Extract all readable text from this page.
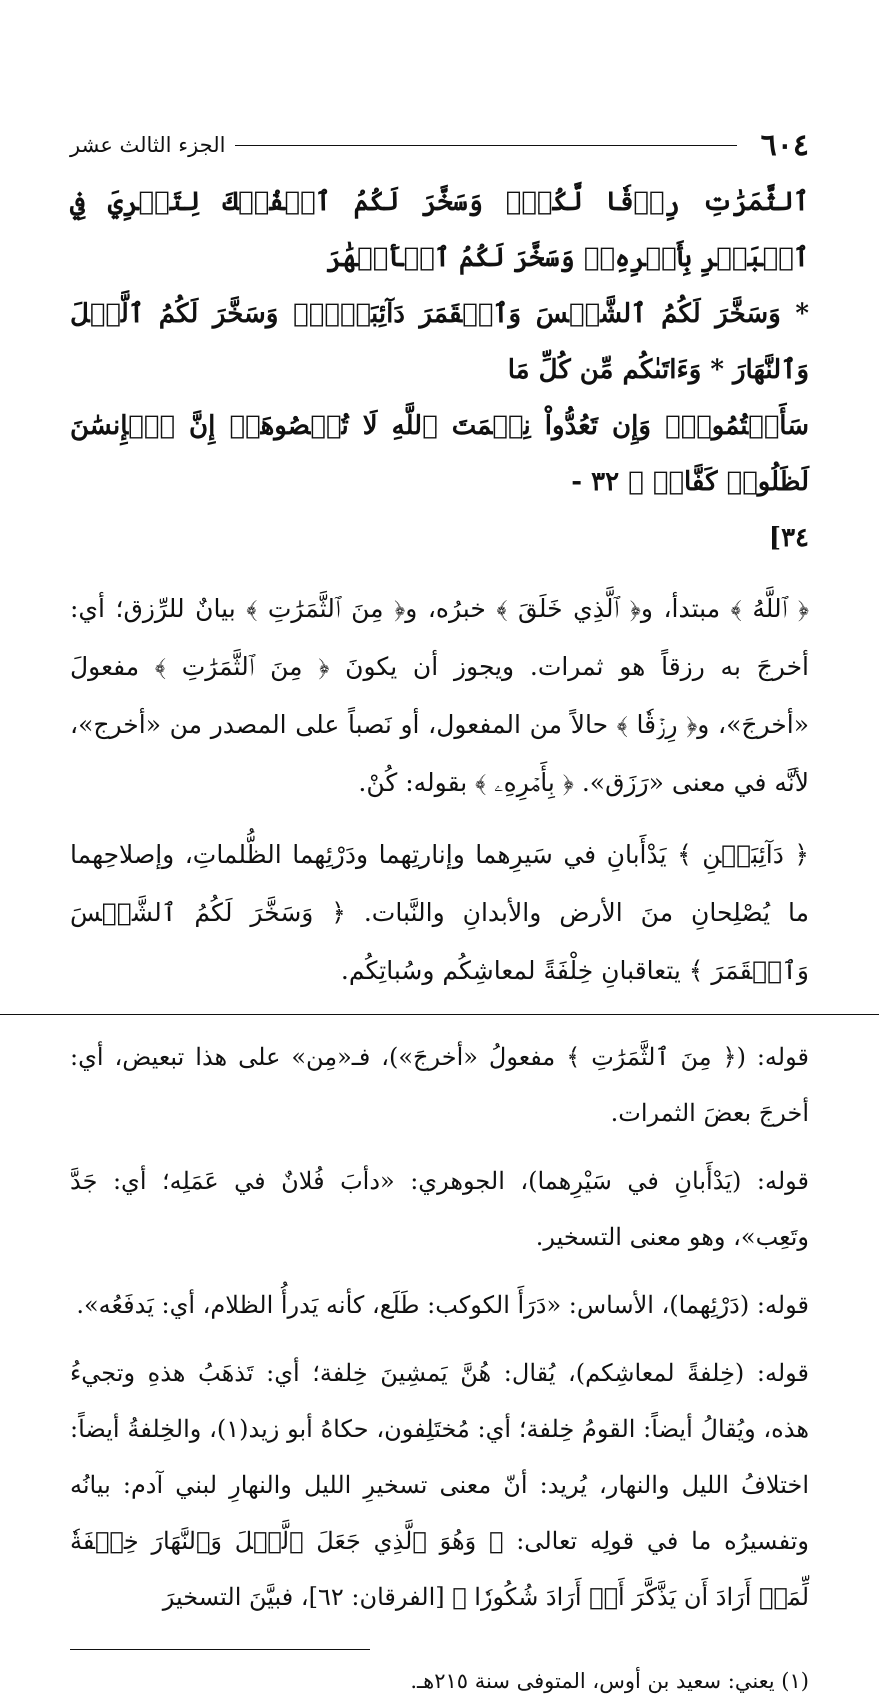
٦٠٤
الجزء الثالث عشر

ٱلثَّمَرَٰتِ رِزۡقٗا لَّكُمۡۖ وَسَخَّرَ لَكُمُ ٱلۡفُلۡكَ لِتَجۡرِيَ فِي ٱلۡبَحۡرِ بِأَمۡرِهِۦۖ وَسَخَّرَ لَكُمُ ٱلۡأَنۡهَٰرَ

* وَسَخَّرَ لَكُمُ ٱلشَّمۡسَ وَٱلۡقَمَرَ دَآئِبَيۡنِۖ وَسَخَّرَ لَكُمُ ٱلَّيۡلَ وَٱلنَّهَارَ * وَءَاتَىٰكُم مِّن كُلِّ مَا

سَأَلۡتُمُوهُۚ وَإِن تَعُدُّواْ نِعۡمَتَ ٱللَّهِ لَا تُحۡصُوهَآۗ إِنَّ ٱلۡإِنسَٰنَ لَظَلُومٞ كَفَّارٞ ﴾ ٣٢ -

٣٤]

﴿ ٱللَّهُ ﴾ مبتدأ، و﴿ ٱلَّذِي خَلَقَ ﴾ خبرُه، و﴿ مِنَ ٱلثَّمَرَٰتِ ﴾ بيانٌ للرِّزق؛ أي: أخرجَ به رزقاً هو ثمرات. ويجوز أن يكونَ ﴿ مِنَ ٱلثَّمَرَٰتِ ﴾ مفعولَ «أخرجَ»، و﴿ رِزۡقٗا ﴾ حالاً من المفعول، أو نَصباً على المصدر من «أخرج»، لأنَّه في معنى «رَزَق». ﴿ بِأَمۡرِهِۦ ﴾ بقوله: كُنْ.

﴿ دَآئِبَيۡنِ ﴾ يَدْأَبانِ في سَيرِهما وإنارتِهما ودَرْئِهما الظُّلماتِ، وإصلاحِهما ما يُصْلِحانِ منَ الأرض والأبدانِ والنَّبات. ﴿ وَسَخَّرَ لَكُمُ ٱلشَّمۡسَ وَٱلۡقَمَرَ ﴾ يتعاقبانِ خِلْفَةً لمعاشِكُم وسُباتِكُم.

قوله: (﴿ مِنَ ٱلثَّمَرَٰتِ ﴾ مفعولُ «أخرجَ»)، فـ«مِن» على هذا تبعيض، أي: أخرجَ بعضَ الثمرات.

قوله: (يَدْأَبانِ في سَيْرِهما)، الجوهري: «دأبَ فُلانٌ في عَمَلِه؛ أي: جَدَّ وتَعِب»، وهو معنى التسخير.

قوله: (دَرْئِهما)، الأساس: «دَرَأَ الكوكب: طَلَع، كأنه يَدرأُ الظلام، أي: يَدفَعُه».

قوله: (خِلفةً لمعاشِكم)، يُقال: هُنَّ يَمشِينَ خِلفة؛ أي: تَذهَبُ هذهِ وتجيءُ هذه، ويُقالُ أيضاً: القومُ خِلفة؛ أي: مُختَلِفون، حكاهُ أبو زيد(١)، والخِلفةُ أيضاً: اختلافُ الليل والنهار، يُريد: أنّ معنى تسخيرِ الليل والنهارِ لبني آدم: بيانُه وتفسيرُه ما في قولِه تعالى: ﴿ وَهُوَ ٱلَّذِي جَعَلَ ٱلَّيۡلَ وَٱلنَّهَارَ خِلۡفَةٗ لِّمَنۡ أَرَادَ أَن يَذَّكَّرَ أَوۡ أَرَادَ شُكُورٗا ﴾ [الفرقان: ٦٢]، فبيَّنَ التسخيرَ

(١) يعني: سعيد بن أوس، المتوفى سنة ٢١٥هـ.
